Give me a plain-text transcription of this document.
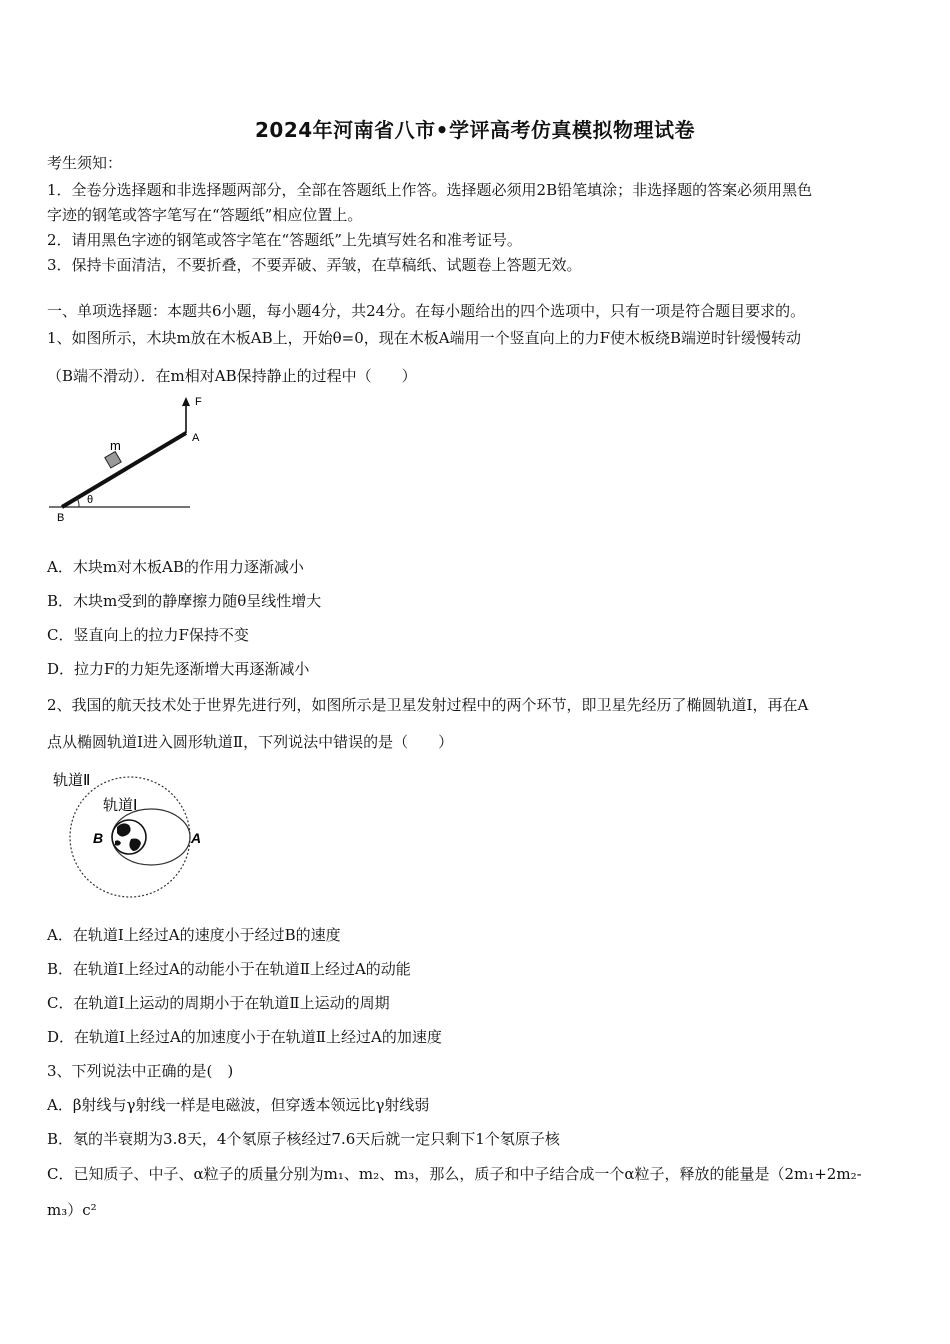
2024年河南省八市•学评高考仿真模拟物理试卷
考生须知：
1．全卷分选择题和非选择题两部分，全部在答题纸上作答。选择题必须用2B铅笔填涂；非选择题的答案必须用黑色
字迹的钢笔或答字笔写在“答题纸”相应位置上。
2．请用黑色字迹的钢笔或答字笔在“答题纸”上先填写姓名和准考证号。
3．保持卡面清洁，不要折叠，不要弄破、弄皱，在草稿纸、试题卷上答题无效。
一、单项选择题：本题共6小题，每小题4分，共24分。在每小题给出的四个选项中，只有一项是符合题目要求的。
1、如图所示，木块m放在木板AB上，开始θ=0，现在木板A端用一个竖直向上的力F使木板绕B端逆时针缓慢转动
（B端不滑动）．在m相对AB保持静止的过程中（　　）
F
A
m
B
θ
A．木块m对木板AB的作用力逐渐减小
B．木块m受到的静摩擦力随θ呈线性增大
C．竖直向上的拉力F保持不变
D．拉力F的力矩先逐渐增大再逐渐减小
2、我国的航天技术处于世界先进行列，如图所示是卫星发射过程中的两个环节，即卫星先经历了椭圆轨道Ⅰ，再在A
点从椭圆轨道Ⅰ进入圆形轨道Ⅱ，下列说法中错误的是（　　）
轨道Ⅱ
轨道Ⅰ
B	A
A．在轨道Ⅰ上经过A的速度小于经过B的速度
B．在轨道Ⅰ上经过A的动能小于在轨道Ⅱ上经过A的动能
C．在轨道Ⅰ上运动的周期小于在轨道Ⅱ上运动的周期
D．在轨道Ⅰ上经过A的加速度小于在轨道Ⅱ上经过A的加速度
3、下列说法中正确的是(　)
A．β射线与γ射线一样是电磁波，但穿透本领远比γ射线弱
B．氡的半衰期为3.8天，4个氡原子核经过7.6天后就一定只剩下1个氡原子核
C．已知质子、中子、α粒子的质量分别为m₁、m₂、m₃，那么，质子和中子结合成一个α粒子，释放的能量是（2m₁+2m₂-
m₃）c²
